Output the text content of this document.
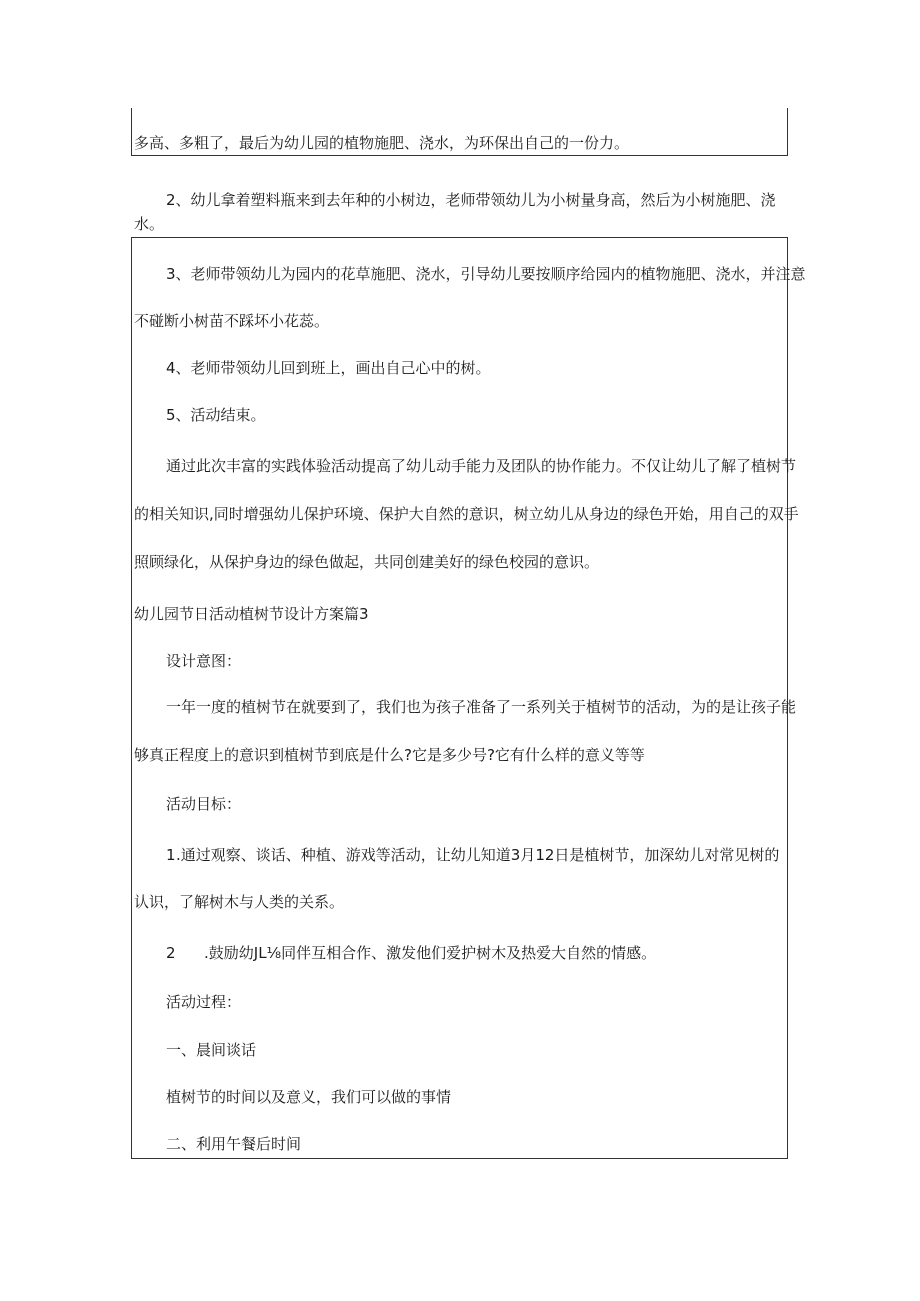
多高、多粗了，最后为幼儿园的植物施肥、浇水，为环保出自己的一份力。
2、幼儿拿着塑料瓶来到去年种的小树边，老师带领幼儿为小树量身高，然后为小树施肥、浇
水。
3、老师带领幼儿为园内的花草施肥、浇水，引导幼儿要按顺序给园内的植物施肥、浇水，并注意
不碰断小树苗不踩坏小花蕊。
4、老师带领幼儿回到班上，画出自己心中的树。
5、活动结束。
通过此次丰富的实践体验活动提高了幼儿动手能力及团队的协作能力。不仅让幼儿了解了植树节
的相关知识,同时增强幼儿保护环境、保护大自然的意识，树立幼儿从身边的绿色开始，用自己的双手
照顾绿化，从保护身边的绿色做起，共同创建美好的绿色校园的意识。
幼儿园节日活动植树节设计方案篇3
设计意图：
一年一度的植树节在就要到了，我们也为孩子准备了一系列关于植树节的活动，为的是让孩子能
够真正程度上的意识到植树节到底是什么?它是多少号?它有什么样的意义等等
活动目标：
1 .通过观察、谈话、种植、游戏等活动，让幼儿知道3月12日是植树节，加深幼儿对常见树的
认识，了解树木与人类的关系。
2 .鼓励幼JL⅛同伴互相合作、激发他们爱护树木及热爱大自然的情感。
活动过程：
一、晨间谈话
植树节的时间以及意义，我们可以做的事情
二、利用午餐后时间
